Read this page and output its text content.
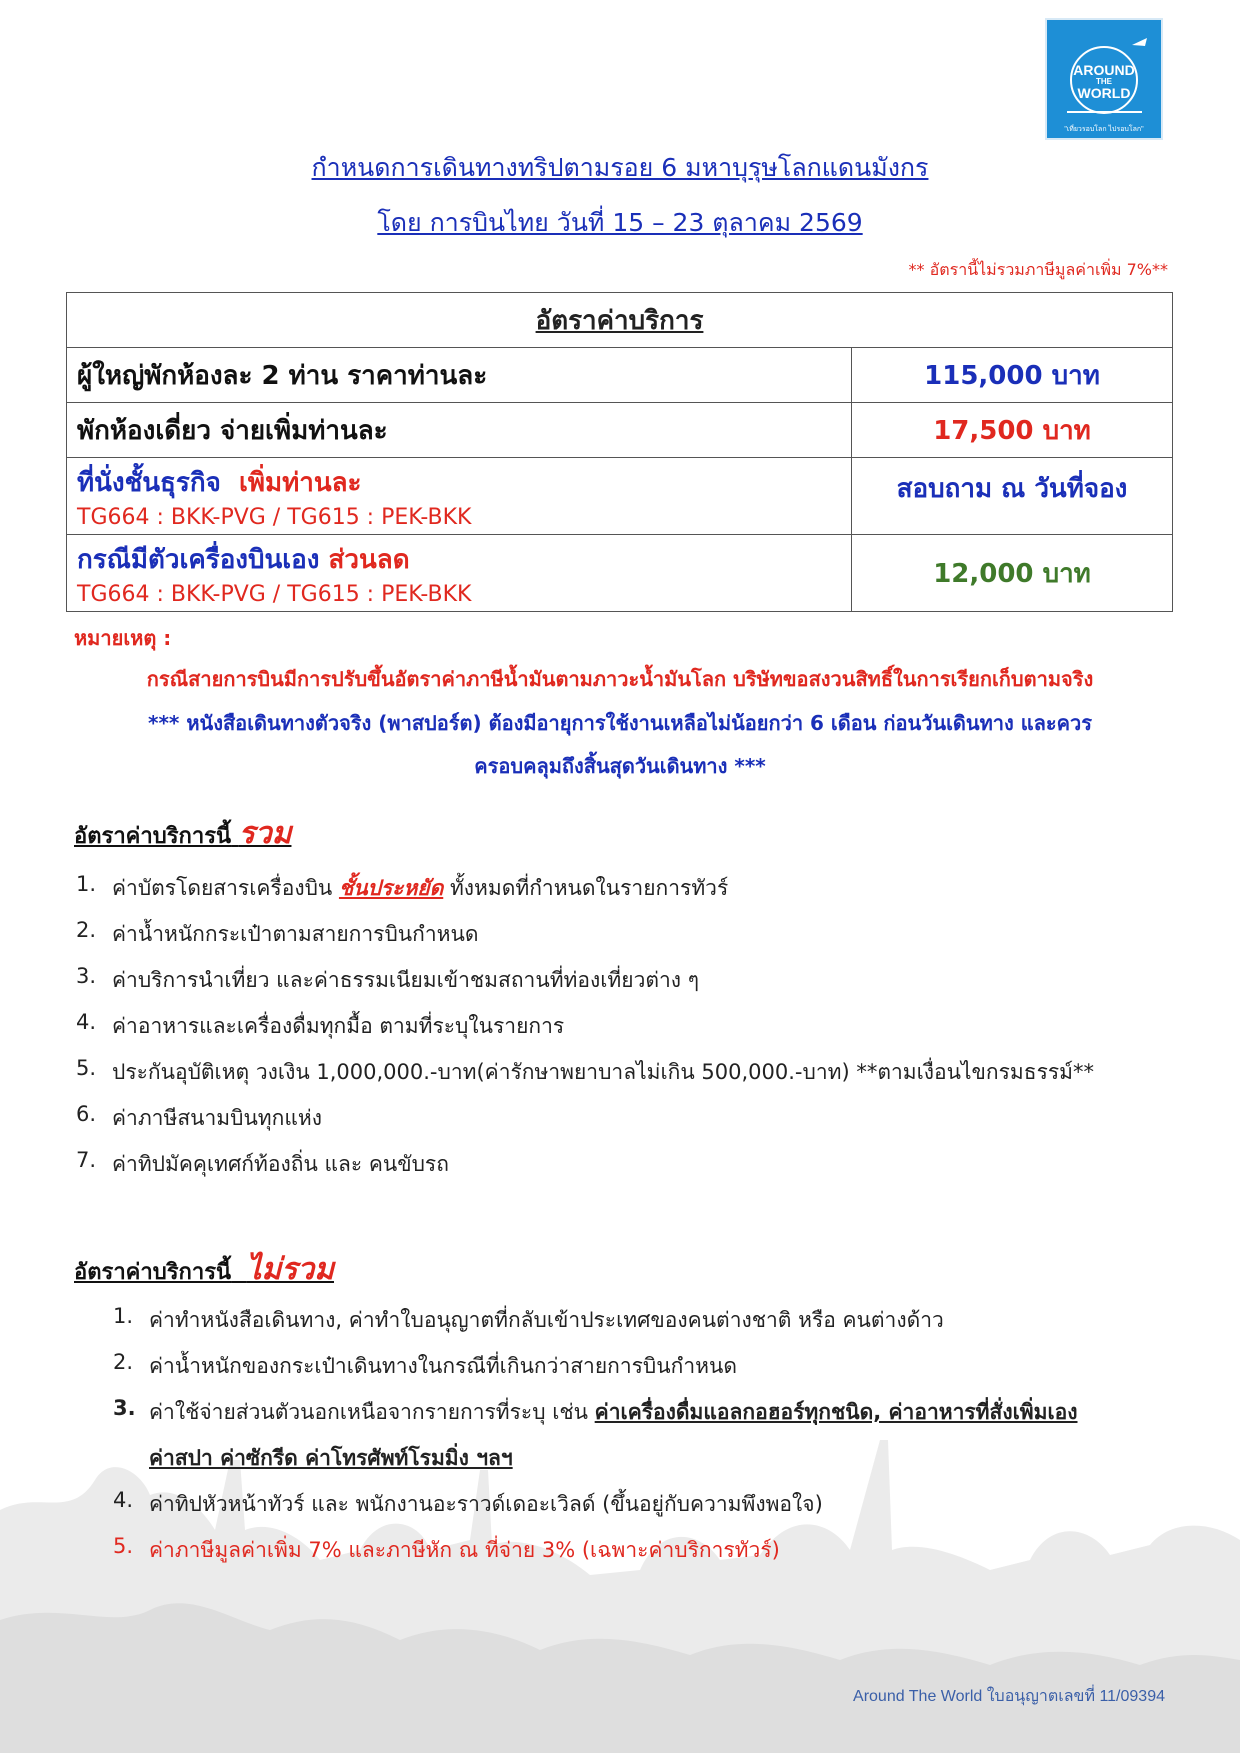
AROUND
THE
WORLD
"เที่ยวรอบโลก ไปรอบโลก"
กำหนดการเดินทางทริปตามรอย 6 มหาบุรุษโลกแดนมังกร
โดย การบินไทย วันที่ 15 – 23 ตุลาคม 2569
** อัตรานี้ไม่รวมภาษีมูลค่าเพิ่ม 7%**
อัตราค่าบริการ	
ผู้ใหญ่พักห้องละ 2 ท่าน ราคาท่านละ	115,000 บาท
พักห้องเดี่ยว จ่ายเพิ่มท่านละ	17,500 บาท
ที่นั่งชั้นธุรกิจ เพิ่มท่านละ
TG664 : BKK-PVG / TG615 : PEK-BKK	สอบถาม ณ วันที่จอง
กรณีมีตัวเครื่องบินเอง ส่วนลด
TG664 : BKK-PVG / TG615 : PEK-BKK	12,000 บาท
หมายเหตุ :
กรณีสายการบินมีการปรับขึ้นอัตราค่าภาษีน้ำมันตามภาวะน้ำมันโลก บริษัทขอสงวนสิทธิ์ในการเรียกเก็บตามจริง
*** หนังสือเดินทางตัวจริง (พาสปอร์ต) ต้องมีอายุการใช้งานเหลือไม่น้อยกว่า 6 เดือน ก่อนวันเดินทาง และควร
ครอบคลุมถึงสิ้นสุดวันเดินทาง ***
อัตราค่าบริการนี้ รวม
1. ค่าบัตรโดยสารเครื่องบิน ชั้นประหยัด ทั้งหมดที่กำหนดในรายการทัวร์
2. ค่าน้ำหนักกระเป๋าตามสายการบินกำหนด
3. ค่าบริการนำเที่ยว และค่าธรรมเนียมเข้าชมสถานที่ท่องเที่ยวต่าง ๆ
4. ค่าอาหารและเครื่องดื่มทุกมื้อ ตามที่ระบุในรายการ
5. ประกันอุบัติเหตุ วงเงิน 1,000,000.-บาท(ค่ารักษาพยาบาลไม่เกิน 500,000.-บาท) **ตามเงื่อนไขกรมธรรม์**
6. ค่าภาษีสนามบินทุกแห่ง
7. ค่าทิปมัคคุเทศก์ท้องถิ่น และ คนขับรถ
อัตราค่าบริการนี้ ไม่รวม
1. ค่าทำหนังสือเดินทาง, ค่าทำใบอนุญาตที่กลับเข้าประเทศของคนต่างชาติ หรือ คนต่างด้าว
2. ค่าน้ำหนักของกระเป๋าเดินทางในกรณีที่เกินกว่าสายการบินกำหนด
3. ค่าใช้จ่ายส่วนตัวนอกเหนือจากรายการที่ระบุ เช่น ค่าเครื่องดื่มแอลกอฮอร์ทุกชนิด, ค่าอาหารที่สั่งเพิ่มเอง
ค่าสปา ค่าซักรีด ค่าโทรศัพท์โรมมิ่ง ฯลฯ
4. ค่าทิปหัวหน้าทัวร์ และ พนักงานอะราวด์เดอะเวิลด์ (ขึ้นอยู่กับความพึงพอใจ)
5. ค่าภาษีมูลค่าเพิ่ม 7% และภาษีหัก ณ ที่จ่าย 3% (เฉพาะค่าบริการทัวร์)
Around The World ใบอนุญาตเลขที่ 11/09394
